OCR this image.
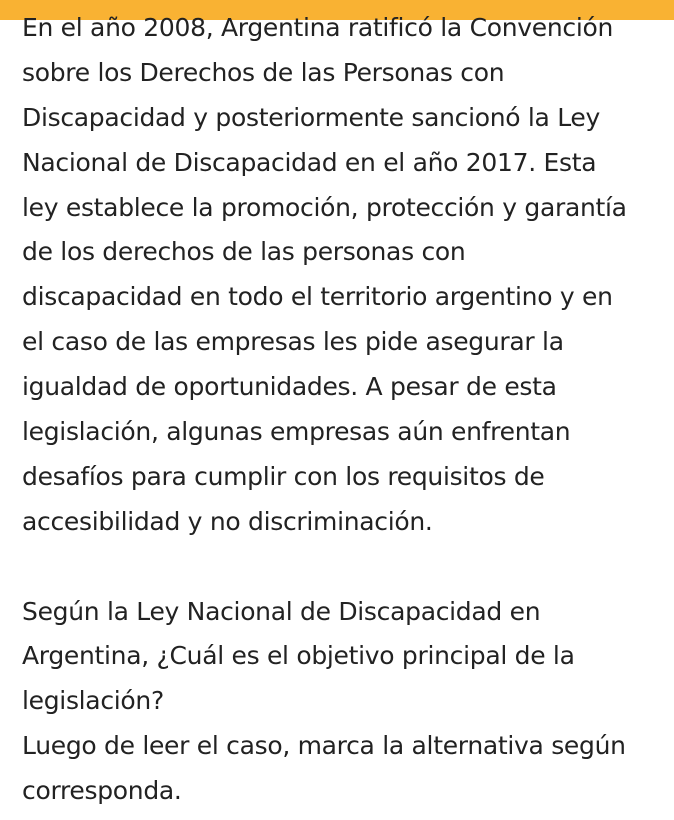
En el año 2008, Argentina ratificó la Convención
sobre los Derechos de las Personas con
Discapacidad y posteriormente sancionó la Ley
Nacional de Discapacidad en el año 2017. Esta
ley establece la promoción, protección y garantía
de los derechos de las personas con
discapacidad en todo el territorio argentino y en
el caso de las empresas les pide asegurar la
igualdad de oportunidades. A pesar de esta
legislación, algunas empresas aún enfrentan
desafíos para cumplir con los requisitos de
accesibilidad y no discriminación.
Según la Ley Nacional de Discapacidad en
Argentina, ¿Cuál es el objetivo principal de la
legislación?
Luego de leer el caso, marca la alternativa según
corresponda.
